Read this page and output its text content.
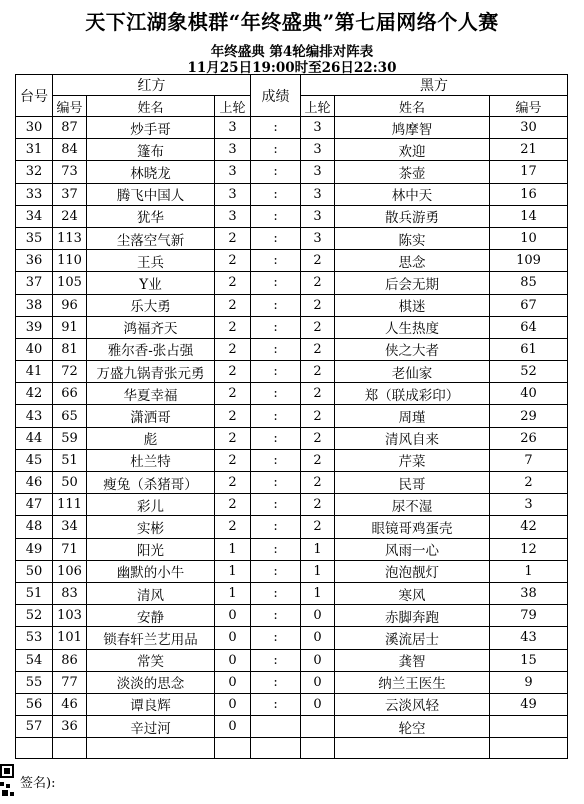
天下江湖象棋群“年终盛典”第七届网络个人赛
年终盛典 第4轮编排对阵表
11月25日19:00时至26日22:30
台号	红方			成绩	黑方		
	编号	姓名	上轮		上轮	姓名	编号
30	87	炒手哥	3	:	3	鸠摩智	30
31	84	篷布	3	:	3	欢迎	21
32	73	林晓龙	3	:	3	茶壶	17
33	37	腾飞中国人	3	:	3	林中天	16
34	24	犹华	3	:	3	散兵游勇	14
35	113	尘落空气新	2	:	3	陈实	10
36	110	王兵	2	:	2	思念	109
37	105	Y业	2	:	2	后会无期	85
38	96	乐大勇	2	:	2	棋迷	67
39	91	鸿福齐天	2	:	2	人生热度	64
40	81	雅尔香-张占强	2	:	2	侠之大者	61
41	72	万盛九锅青张元勇	2	:	2	老仙家	52
42	66	华夏幸福	2	:	2	郑（联成彩印）	40
43	65	潇洒哥	2	:	2	周瑾	29
44	59	彪	2	:	2	清风自来	26
45	51	杜兰特	2	:	2	芹菜	7
46	50	瘦兔（杀猪哥）	2	:	2	民哥	2
47	111	彩儿	2	:	2	尿不湿	3
48	34	实彬	2	:	2	眼镜哥鸡蛋壳	42
49	71	阳光	1	:	1	风雨一心	12
50	106	幽默的小牛	1	:	1	泡泡靓灯	1
51	83	清风	1	:	1	寒风	38
52	103	安静	0	:	0	赤脚奔跑	79
53	101	锁春轩兰艺用品	0	:	0	溪流居士	43
54	86	常笑	0	:	0	龚智	15
55	77	淡淡的思念	0	:	0	纳兰王医生	9
56	46	谭良辉	0	:	0	云淡风轻	49
57	36	辛过河	0			轮空	

签名):
